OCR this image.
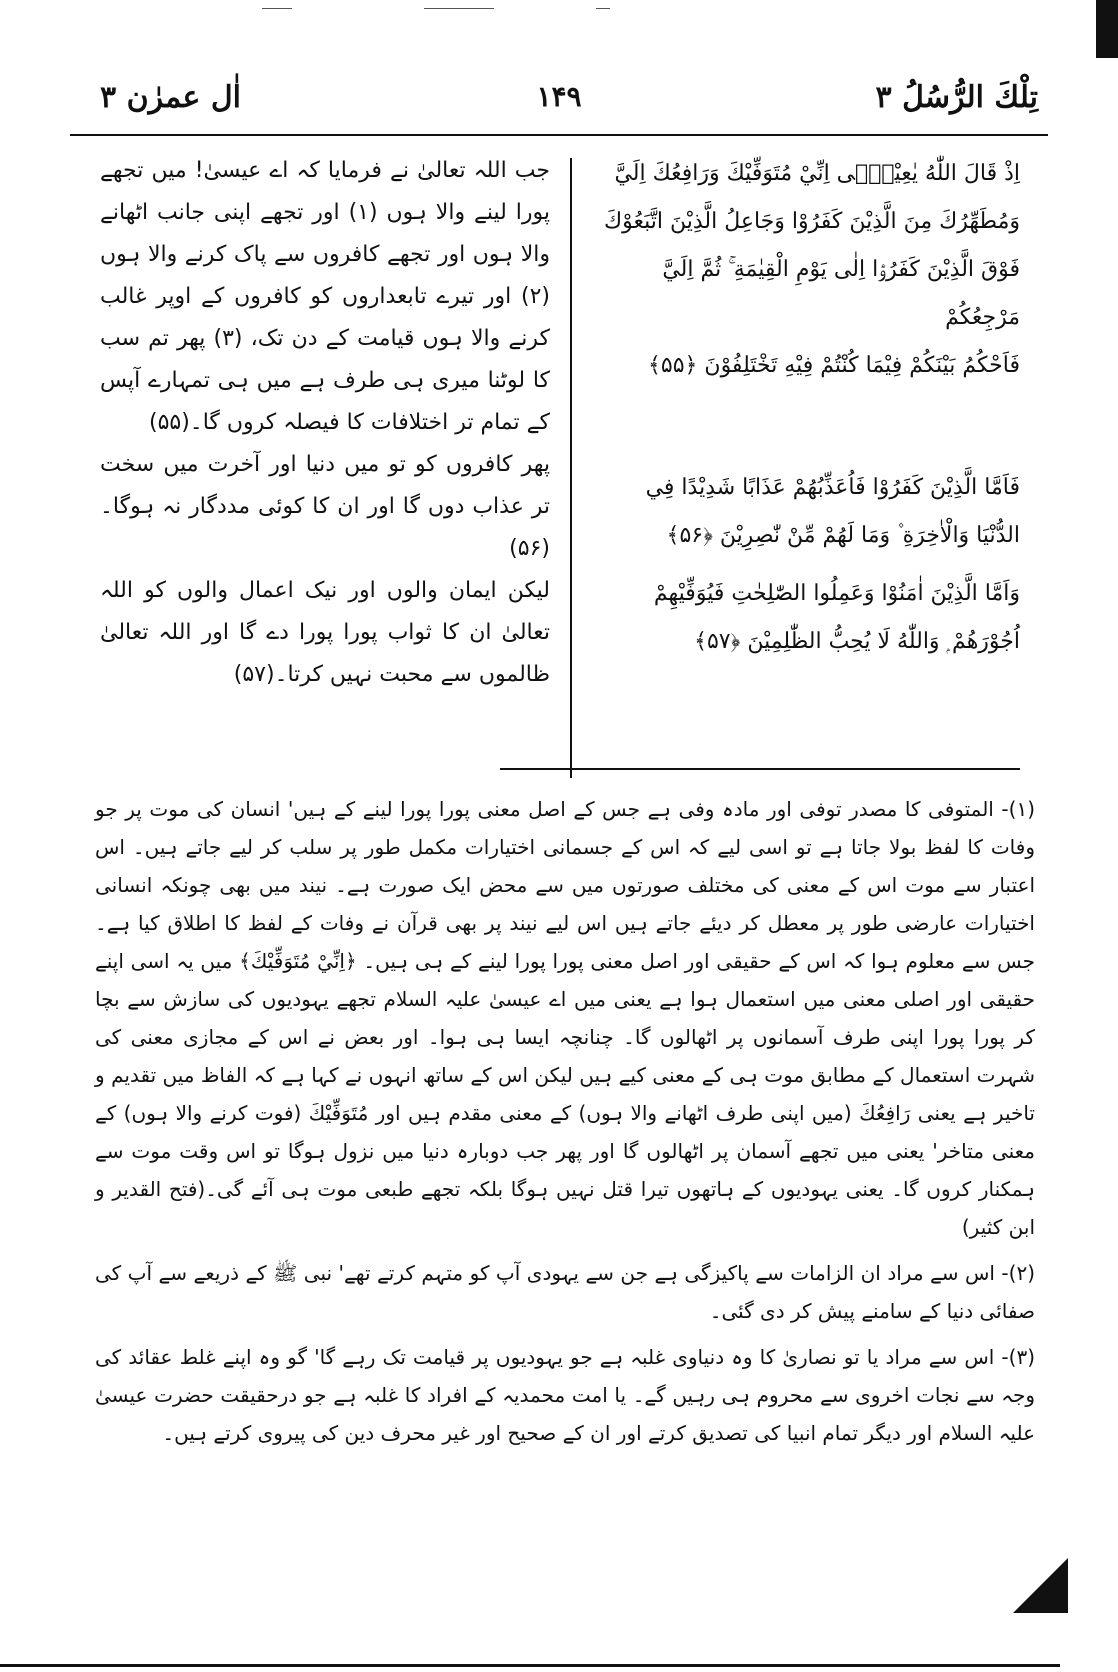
اٰل عمرٰن ۳	۱۴۹	تِلْكَ الرُّسُلُ ۳

جب اللہ تعالیٰ نے فرمایا کہ اے عیسیٰ! میں تجھے پورا لینے والا ہوں (۱) اور تجھے اپنی جانب اٹھانے والا ہوں اور تجھے کافروں سے پاک کرنے والا ہوں (۲) اور تیرے تابعداروں کو کافروں کے اوپر غالب کرنے والا ہوں قیامت کے دن تک، (۳) پھر تم سب کا لوٹنا میری ہی طرف ہے میں ہی تمہارے آپس کے تمام تر اختلافات کا فیصلہ کروں گا۔(۵۵)

پھر کافروں کو تو میں دنیا اور آخرت میں سخت تر عذاب دوں گا اور ان کا کوئی مددگار نہ ہوگا۔(۵۶)

لیکن ایمان والوں اور نیک اعمال والوں کو اللہ تعالیٰ ان کا ثواب پورا پورا دے گا اور اللہ تعالیٰ ظالموں سے محبت نہیں کرتا۔(۵۷)

اِذْ قَالَ اللّٰهُ يٰعِيْسٰۤى اِنِّيْ مُتَوَفِّيْكَ وَرَافِعُكَ اِلَيَّ

وَمُطَهِّرُكَ مِنَ الَّذِيْنَ كَفَرُوْا وَجَاعِلُ الَّذِيْنَ اتَّبَعُوْكَ

فَوْقَ الَّذِيْنَ كَفَرُوْۤا اِلٰى يَوْمِ الْقِيٰمَةِ ۚ ثُمَّ اِلَيَّ مَرْجِعُكُمْ

فَاَحْكُمُ بَيْنَكُمْ فِيْمَا كُنْتُمْ فِيْهِ تَخْتَلِفُوْنَ ﴿۵۵﴾

فَاَمَّا الَّذِيْنَ كَفَرُوْا فَاُعَذِّبُهُمْ عَذَابًا شَدِيْدًا فِي

الدُّنْيَا وَالْاٰخِرَةِ ۫ وَمَا لَهُمْ مِّنْ نّٰصِرِيْنَ ﴿۵۶﴾

وَاَمَّا الَّذِيْنَ اٰمَنُوْا وَعَمِلُوا الصّٰلِحٰتِ فَيُوَفِّيْهِمْ

اُجُوْرَهُمْ ۭ وَاللّٰهُ لَا يُحِبُّ الظّٰلِمِيْنَ ﴿۵۷﴾

(۱)- المتوفی کا مصدر توفی اور مادہ وفی ہے جس کے اصل معنی پورا پورا لینے کے ہیں' انسان کی موت پر جو وفات کا لفظ بولا جاتا ہے تو اسی لیے کہ اس کے جسمانی اختیارات مکمل طور پر سلب کر لیے جاتے ہیں۔ اس اعتبار سے موت اس کے معنی کی مختلف صورتوں میں سے محض ایک صورت ہے۔ نیند میں بھی چونکہ انسانی اختیارات عارضی طور پر معطل کر دیئے جاتے ہیں اس لیے نیند پر بھی قرآن نے وفات کے لفظ کا اطلاق کیا ہے۔ جس سے معلوم ہوا کہ اس کے حقیقی اور اصل معنی پورا پورا لینے کے ہی ہیں۔ ﴿اِنِّيْ مُتَوَفِّيْكَ﴾ میں یہ اسی اپنے حقیقی اور اصلی معنی میں استعمال ہوا ہے یعنی میں اے عیسیٰ علیہ السلام تجھے یہودیوں کی سازش سے بچا کر پورا پورا اپنی طرف آسمانوں پر اٹھالوں گا۔ چنانچہ ایسا ہی ہوا۔ اور بعض نے اس کے مجازی معنی کی شہرت استعمال کے مطابق موت ہی کے معنی کیے ہیں لیکن اس کے ساتھ انہوں نے کہا ہے کہ الفاظ میں تقدیم و تاخیر ہے یعنی رَافِعُكَ (میں اپنی طرف اٹھانے والا ہوں) کے معنی مقدم ہیں اور مُتَوَفِّيْكَ (فوت کرنے والا ہوں) کے معنی متاخر' یعنی میں تجھے آسمان پر اٹھالوں گا اور پھر جب دوبارہ دنیا میں نزول ہوگا تو اس وقت موت سے ہمکنار کروں گا۔ یعنی یہودیوں کے ہاتھوں تیرا قتل نہیں ہوگا بلکہ تجھے طبعی موت ہی آئے گی۔(فتح القدیر و ابن کثیر)

(۲)- اس سے مراد ان الزامات سے پاکیزگی ہے جن سے یہودی آپ کو متہم کرتے تھے' نبی ﷺ کے ذریعے سے آپ کی صفائی دنیا کے سامنے پیش کر دی گئی۔

(۳)- اس سے مراد یا تو نصاریٰ کا وہ دنیاوی غلبہ ہے جو یہودیوں پر قیامت تک رہے گا' گو وہ اپنے غلط عقائد کی وجہ سے نجات اخروی سے محروم ہی رہیں گے۔ یا امت محمدیہ کے افراد کا غلبہ ہے جو درحقیقت حضرت عیسیٰ علیہ السلام اور دیگر تمام انبیا کی تصدیق کرتے اور ان کے صحیح اور غیر محرف دین کی پیروی کرتے ہیں۔
